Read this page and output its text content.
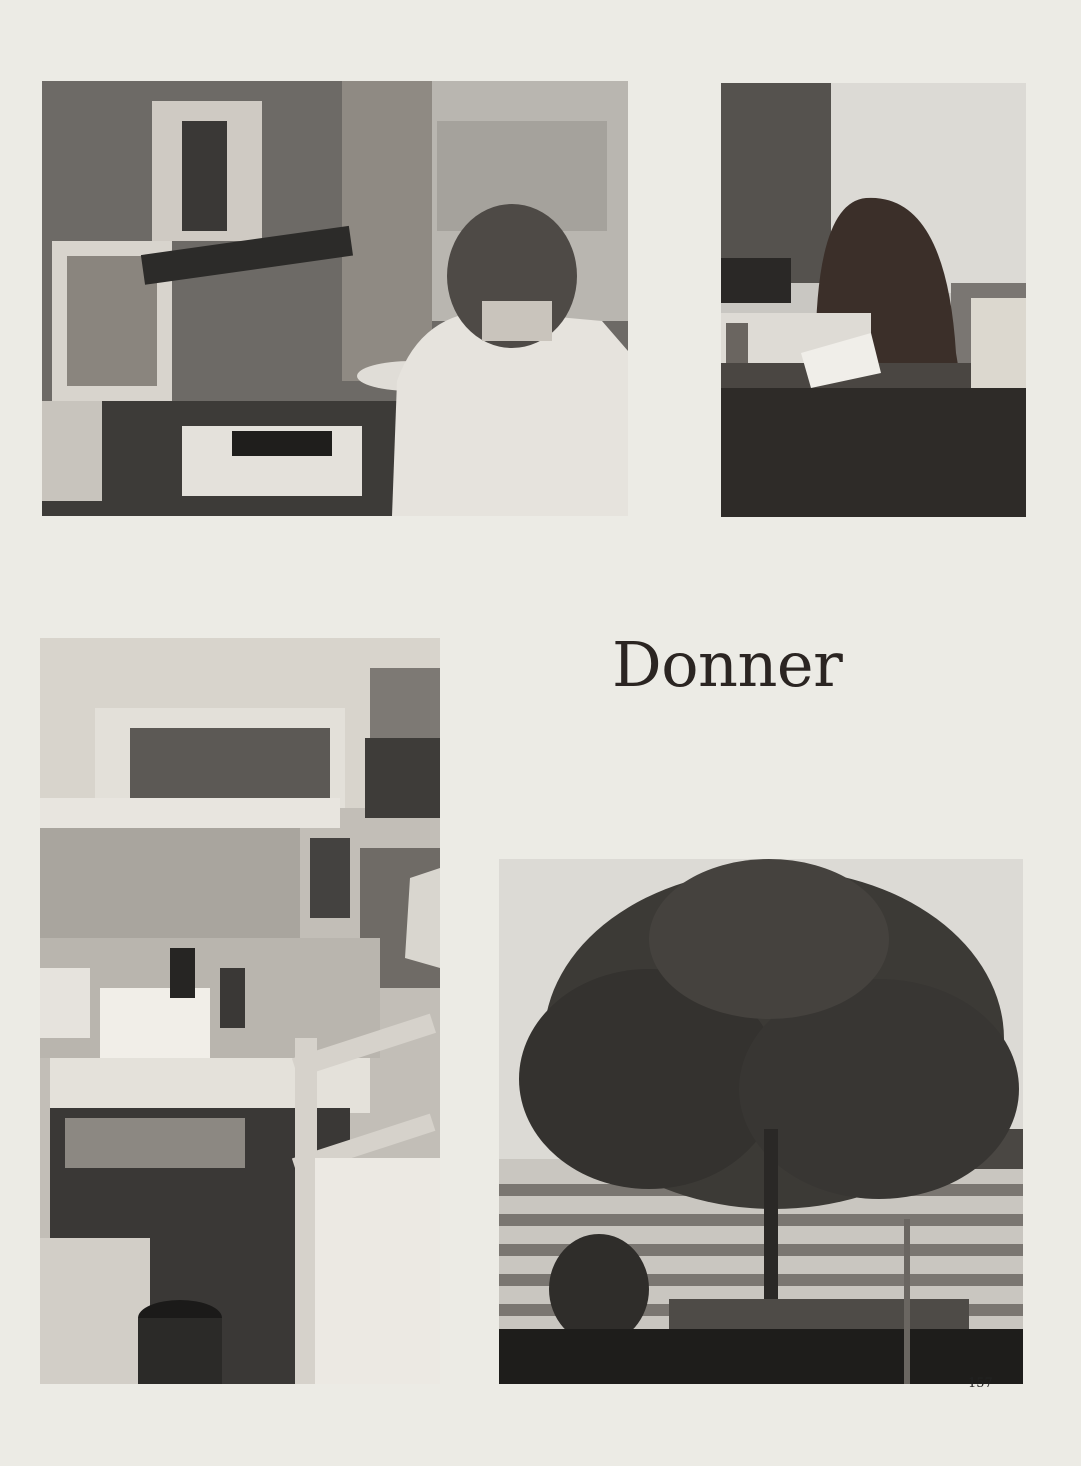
Donner
157
